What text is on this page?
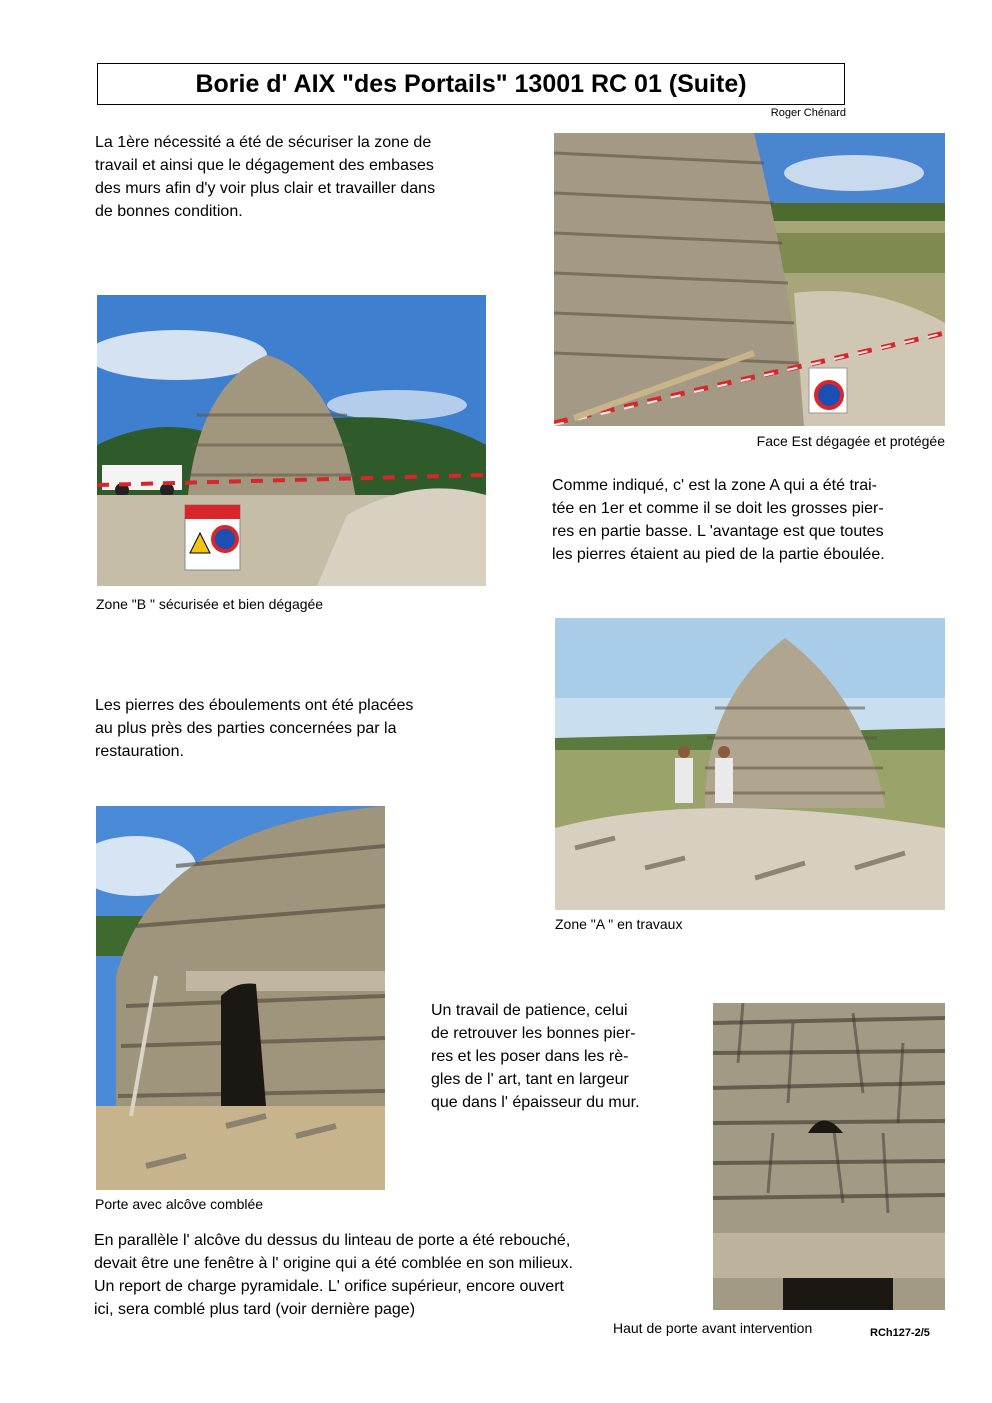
Borie d' AIX "des Portails" 13001 RC 01 (Suite)
Roger Chénard
La 1ère nécessité a été de sécuriser la zone de
travail et ainsi que le dégagement des embases
des murs afin d'y voir plus clair et travailler dans
de bonnes condition.
Face Est dégagée et protégée
Zone "B " sécurisée et bien dégagée
Comme indiqué, c' est la zone A qui a été trai-
tée en 1er et comme il se doit les grosses pier-
res en partie basse. L 'avantage est que toutes
les pierres étaient au pied de la partie éboulée.
Zone "A " en travaux
Les pierres des éboulements ont été placées
au plus près des parties concernées par la
restauration.
Porte avec alcôve comblée
Un travail de patience, celui
de retrouver les bonnes pier-
res et les poser dans les rè-
gles de l' art, tant en largeur
que dans l' épaisseur du mur.
Haut de porte avant intervention
En parallèle l' alcôve du dessus du linteau de porte a été rebouché,
devait être une fenêtre à l' origine qui a été comblée en son milieux.
Un report de charge pyramidale. L' orifice supérieur, encore ouvert
ici, sera comblé plus tard (voir dernière page)
RCh127-2/5
